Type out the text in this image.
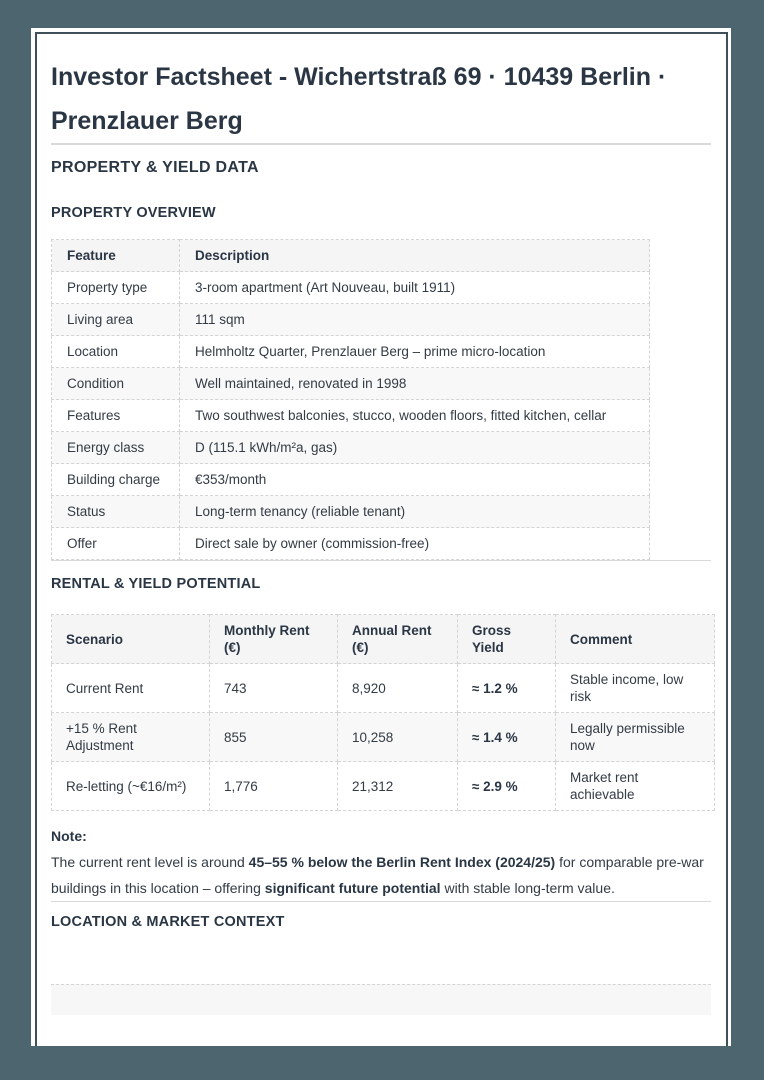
Investor Factsheet - Wichertstraß 69 · 10439 Berlin · Prenzlauer Berg
PROPERTY & YIELD DATA
PROPERTY OVERVIEW
Feature	Description
Property type	3-room apartment (Art Nouveau, built 1911)
Living area	111 sqm
Location	Helmholtz Quarter, Prenzlauer Berg – prime micro-location
Condition	Well maintained, renovated in 1998
Features	Two southwest balconies, stucco, wooden floors, fitted kitchen, cellar
Energy class	D (115.1 kWh/m²a, gas)
Building charge	€353/month
Status	Long-term tenancy (reliable tenant)
Offer	Direct sale by owner (commission-free)
RENTAL & YIELD POTENTIAL
Scenario	Monthly Rent (€)	Annual Rent (€)	Gross Yield	Comment
Current Rent	743	8,920	≈ 1.2 %	Stable income, low risk
+15 % Rent Adjustment	855	10,258	≈ 1.4 %	Legally permissible now
Re-letting (~€16/m²)	1,776	21,312	≈ 2.9 %	Market rent achievable

Note:

The current rent level is around 45–55 % below the Berlin Rent Index (2024/25) for comparable pre-war buildings in this location – offering significant future potential with stable long-term value.

LOCATION & MARKET CONTEXT
